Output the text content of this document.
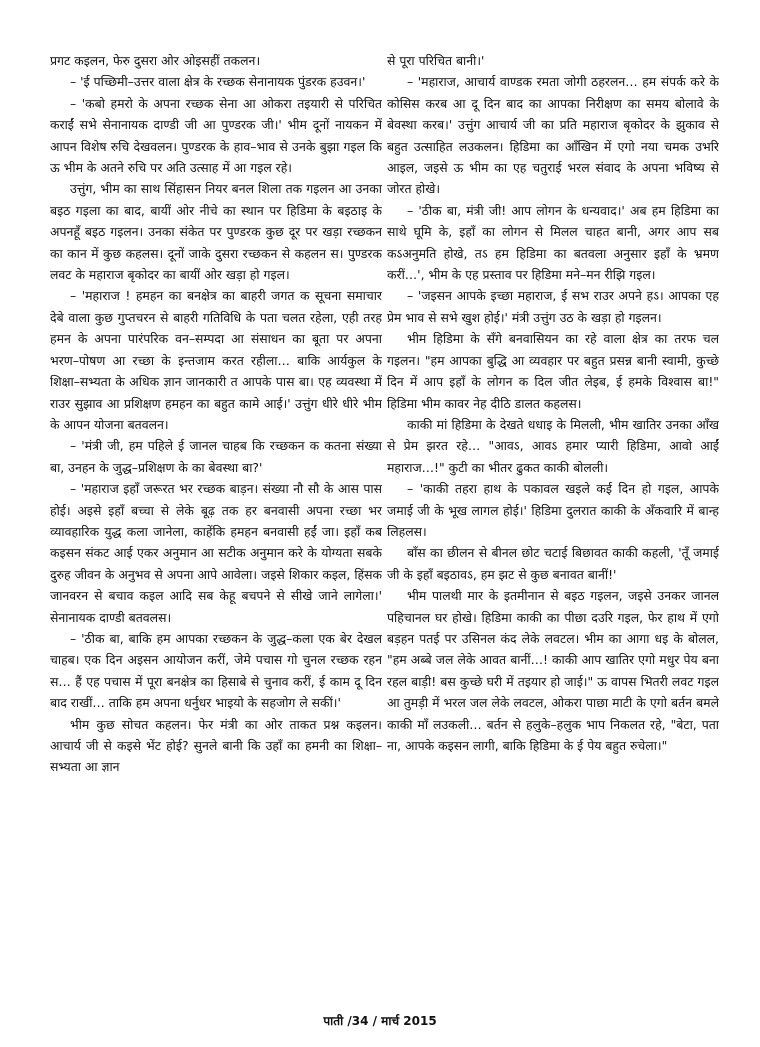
प्रगट कइलन, फेरु दुसरा ओर ओइसहीं तकलन।

– 'ई पच्छिमी–उत्तर वाला क्षेत्र के रच्छक सेनानायक पुंडरक हउवन।'

– 'कबो हमरो के अपना रच्छक सेना आ ओकरा तइयारी से परिचित कराईं सभे सेनानायक दाण्डी जी आ पुण्डरक जी।' भीम दूनों नायकन में आपन विशेष रुचि देखवलन। पुण्डरक के हाव–भाव से उनके बुझा गइल कि ऊ भीम के अतने रुचि पर अति उत्साह में आ गइल रहे।

उत्तुंग, भीम का साथ सिंहासन नियर बनल शिला तक गइलन आ उनका बइठ गइला का बाद, बायीं ओर नीचे का स्थान पर हिडिमा के बइठाइ के अपनहूँ बइठ गइलन। उनका संकेत पर पुण्डरक कुछ दूर पर खड़ा रच्छकन का कान में कुछ कहलस। दूनों जाके दुसरा रच्छकन से कहलन स। पुण्डरक लवट के महाराज बृकोदर का बायीं ओर खड़ा हो गइल।

– 'महाराज ! हमहन का बनक्षेत्र का बाहरी जगत क सूचना समाचार देबे वाला कुछ गुप्तचरन से बाहरी गतिविधि के पता चलत रहेला, एही तरह हमन के अपना पारंपरिक वन–सम्पदा आ संसाधन का बूता पर अपना भरण–पोषण आ रच्छा के इन्तजाम करत रहीला… बाकि आर्यकुल के शिक्षा–सभ्यता के अधिक ज्ञान जानकारी त आपके पास बा। एह व्यवस्था में राउर सुझाव आ प्रशिक्षण हमहन का बहुत कामे आई।' उत्तुंग धीरे धीरे भीम के आपन योजना बतवलन।

– 'मंत्री जी, हम पहिले ई जानल चाहब कि रच्छकन क कतना संख्या बा, उनहन के जुद्ध–प्रशिक्षण के का बेवस्था बा?'

– 'महाराज इहाँ जरूरत भर रच्छक बाड़न। संख्या नौ सौ के आस पास होई। अइसे इहाँ बच्चा से लेके बूढ़ तक हर बनवासी अपना रच्छा भर व्यावहारिक युद्ध कला जानेला, काहेंकि हमहन बनवासी हईं जा। इहाँ कब कइसन संकट आई एकर अनुमान आ सटीक अनुमान करे के योग्यता सबके दुरुह जीवन के अनुभव से अपना आपे आवेला। जइसे शिकार कइल, हिंसक जानवरन से बचाव कइल आदि सब केहू बचपने से सीखे जाने लागेला।' सेनानायक दाण्डी बतवलस।

– 'ठीक बा, बाकि हम आपका रच्छकन के जुद्ध–कला एक बेर देखल चाहब। एक दिन अइसन आयोजन करीं, जेमे पचास गो चुनल रच्छक रहन स… हैं एह पचास में पूरा बनक्षेत्र का हिसाबे से चुनाव करीं, ई काम दू दिन बाद राखीं… ताकि हम अपना धर्नुधर भाइयो के सहजोग ले सकीं।'

भीम कुछ सोचत कहलन। फेर मंत्री का ओर ताकत प्रश्न कइलन। आचार्य जी से कइसे भेंट होई? सुनले बानी कि उहाँ का हमनी का शिक्षा–सभ्यता आ ज्ञान

से पूरा परिचित बानी।'

– 'महाराज, आचार्य वाण्डक रमता जोगी ठहरलन… हम संपर्क करे के कोसिस करब आ दू दिन बाद का आपका निरीक्षण का समय बोलावे के बेवस्था करब।' उत्तुंग आचार्य जी का प्रति महाराज बृकोदर के झुकाव से बहुत उत्साहित लउकलन। हिडिमा का आँखिन में एगो नया चमक उभरि आइल, जइसे ऊ भीम का एह चतुराई भरल संवाद के अपना भविष्य से जोरत होखे।

– 'ठीक बा, मंत्री जी! आप लोगन के धन्यवाद।' अब हम हिडिमा का साथे घूमि के, इहाँ का लोगन से मिलल चाहत बानी, अगर आप सब कऽअनुमति होखे, तऽ हम हिडिमा का बतवला अनुसार इहाँ के भ्रमण करीं…', भीम के एह प्रस्ताव पर हिडिमा मने–मन रीझि गइल।

– 'जइसन आपके इच्छा महाराज, ई सभ राउर अपने हऽ। आपका एह प्रेम भाव से सभे खुश होई।' मंत्री उत्तुंग उठ के खड़ा हो गइलन।

भीम हिडिमा के सँगे बनवासियन का रहे वाला क्षेत्र का तरफ चल गइलन। "हम आपका बुद्धि आ व्यवहार पर बहुत प्रसन्न बानी स्वामी, कुच्छे दिन में आप इहाँ के लोगन क दिल जीत लेइब, ई हमके विश्वास बा!" हिडिमा भीम कावर नेह दीठि डालत कहलस।

काकी मां हिडिमा के देखते धधाइ के मिलली, भीम खातिर उनका आँख से प्रेम झरत रहे… "आवऽ, आवऽ हमार प्यारी हिडिमा, आवो आईं महाराज…!" कुटी का भीतर ढुकत काकी बोलली।

– 'काकी तहरा हाथ के पकावल खइले कई दिन हो गइल, आपके जमाई जी के भूख लागल होई।' हिडिमा दुलरात काकी के अँकवारि में बान्ह लिहलस।

बाँस का छीलन से बीनल छोट चटाई बिछावत काकी कहली, 'तूँ जमाई जी के इहाँ बइठावऽ, हम झट से कुछ बनावत बानीं!'

भीम पालथी मार के इतमीनान से बइठ गइलन, जइसे उनकर जानल पहिचानल घर होखे। हिडिमा काकी का पीछा दउरि गइल, फेर हाथ में एगो बड़हन पतई पर उसिनल कंद लेके लवटल। भीम का आगा धइ के बोलल, "हम अब्बे जल लेके आवत बानीं…! काकी आप खातिर एगो मधुर पेय बना रहल बाड़ी! बस कुच्छे घरी में तइयार हो जाई।" ऊ वापस भितरी लवट गइल आ तुमड़ी में भरल जल लेके लवटल, ओकरा पाछा माटी के एगो बर्तन बमले काकी माँ लउकली… बर्तन से हलुके–हलुक भाप निकलत रहे, "बेटा, पता ना, आपके कइसन लागी, बाकि हिडिमा के ई पेय बहुत रुचेला।"

पाती /34 / मार्च 2015
